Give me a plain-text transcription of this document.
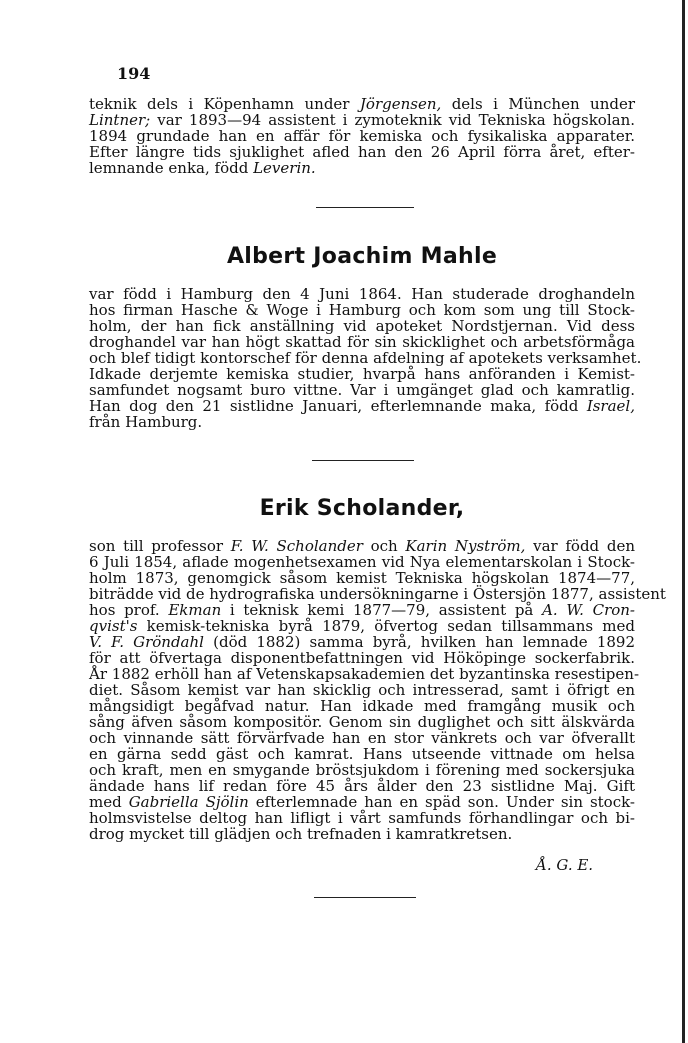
194
teknik dels i Köpenhamn under Jörgensen, dels i München under
Lintner; var 1893—94 assistent i zymoteknik vid Tekniska högskolan.
1894 grundade han en affär för kemiska och fysikaliska apparater.
Efter längre tids sjuklighet afled han den 26 April förra året, efter-
lemnande enka, född Leverin.
Albert Joachim Mahle
var född i Hamburg den 4 Juni 1864. Han studerade droghandeln
hos firman Hasche & Woge i Hamburg och kom som ung till Stock-
holm, der han fick anställning vid apoteket Nordstjernan. Vid dess
droghandel var han högt skattad för sin skicklighet och arbetsförmåga
och blef tidigt kontorschef för denna afdelning af apotekets verksamhet.
Idkade derjemte kemiska studier, hvarpå hans anföranden i Kemist-
samfundet nogsamt buro vittne. Var i umgänget glad och kamratlig.
Han dog den 21 sistlidne Januari, efterlemnande maka, född Israel,
från Hamburg.
Erik Scholander,
son till professor F. W. Scholander och Karin Nyström, var född den
6 Juli 1854, aflade mogenhetsexamen vid Nya elementarskolan i Stock-
holm 1873, genomgick såsom kemist Tekniska högskolan 1874—77,
biträdde vid de hydrografiska undersökningarne i Östersjön 1877, assistent
hos prof. Ekman i teknisk kemi 1877—79, assistent på A. W. Cron-
qvist's kemisk-tekniska byrå 1879, öfvertog sedan tillsammans med
V. F. Gröndahl (död 1882) samma byrå, hvilken han lemnade 1892
för att öfvertaga disponentbefattningen vid Hököpinge sockerfabrik.
År 1882 erhöll han af Vetenskapsakademien det byzantinska resestipen-
diet. Såsom kemist var han skicklig och intresserad, samt i öfrigt en
mångsidigt begåfvad natur. Han idkade med framgång musik och
sång äfven såsom kompositör. Genom sin duglighet och sitt älskvärda
och vinnande sätt förvärfvade han en stor vänkrets och var öfverallt
en gärna sedd gäst och kamrat. Hans utseende vittnade om helsa
och kraft, men en smygande bröstsjukdom i förening med sockersjuka
ändade hans lif redan före 45 års ålder den 23 sistlidne Maj. Gift
med Gabriella Sjölin efterlemnade han en späd son. Under sin stock-
holmsvistelse deltog han lifligt i vårt samfunds förhandlingar och bi-
drog mycket till glädjen och trefnaden i kamratkretsen.
Å. G. E.
